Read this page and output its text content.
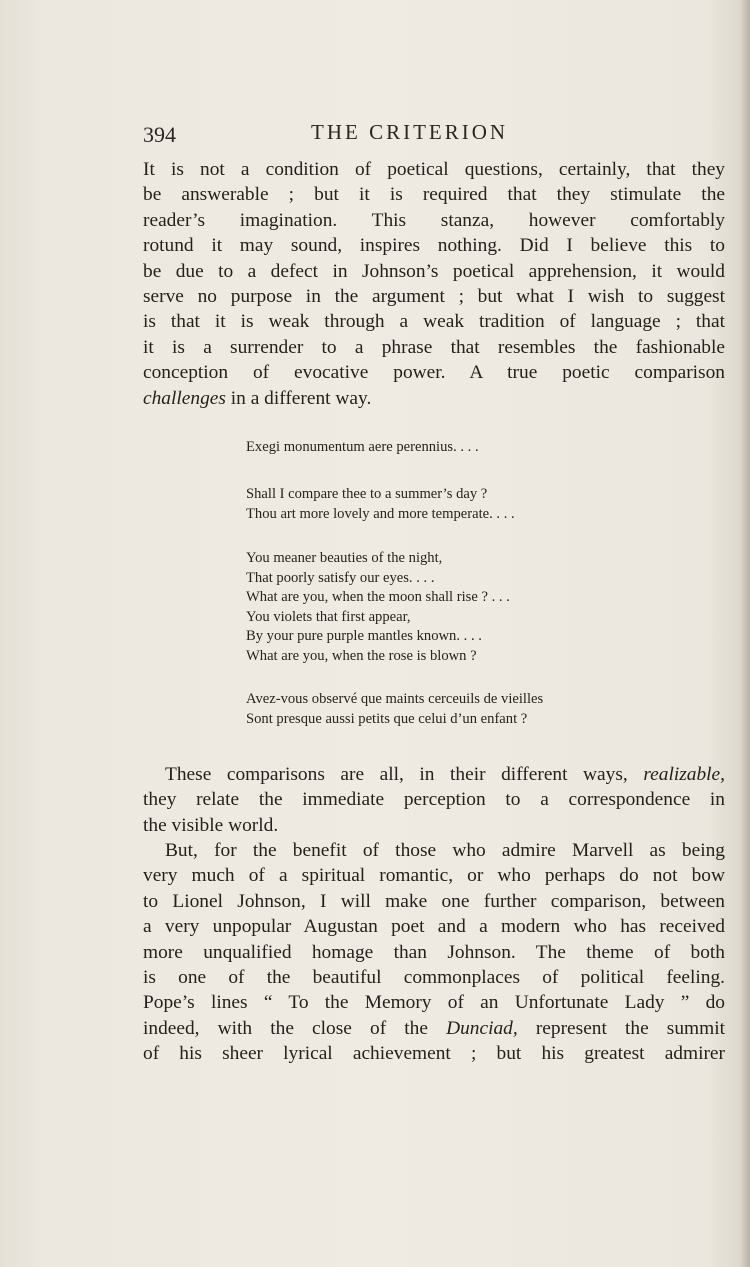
394	THE CRITERION

It is not a condition of poetical questions, certainly, that they
be answerable ; but it is required that they stimulate the
reader’s imagination. This stanza, however comfortably
rotund it may sound, inspires nothing. Did I believe this to
be due to a defect in Johnson’s poetical apprehension, it would
serve no purpose in the argument ; but what I wish to suggest
is that it is weak through a weak tradition of language ; that
it is a surrender to a phrase that resembles the fashionable
conception of evocative power. A true poetic comparison
challenges in a different way.

Exegi monumentum aere perennius. . . .
Shall I compare thee to a summer’s day ?
Thou art more lovely and more temperate. . . .
You meaner beauties of the night,
That poorly satisfy our eyes. . . .
What are you, when the moon shall rise ? . . .
You violets that first appear,
By your pure purple mantles known. . . .
What are you, when the rose is blown ?
Avez-vous observé que maints cerceuils de vieilles
Sont presque aussi petits que celui d’un enfant ?

These comparisons are all, in their different ways, realizable,
they relate the immediate perception to a correspondence in
the visible world.

But, for the benefit of those who admire Marvell as being
very much of a spiritual romantic, or who perhaps do not bow
to Lionel Johnson, I will make one further comparison, between
a very unpopular Augustan poet and a modern who has received
more unqualified homage than Johnson. The theme of both
is one of the beautiful commonplaces of political feeling.
Pope’s lines “ To the Memory of an Unfortunate Lady ” do
indeed, with the close of the Dunciad, represent the summit
of his sheer lyrical achievement ; but his greatest admirer
